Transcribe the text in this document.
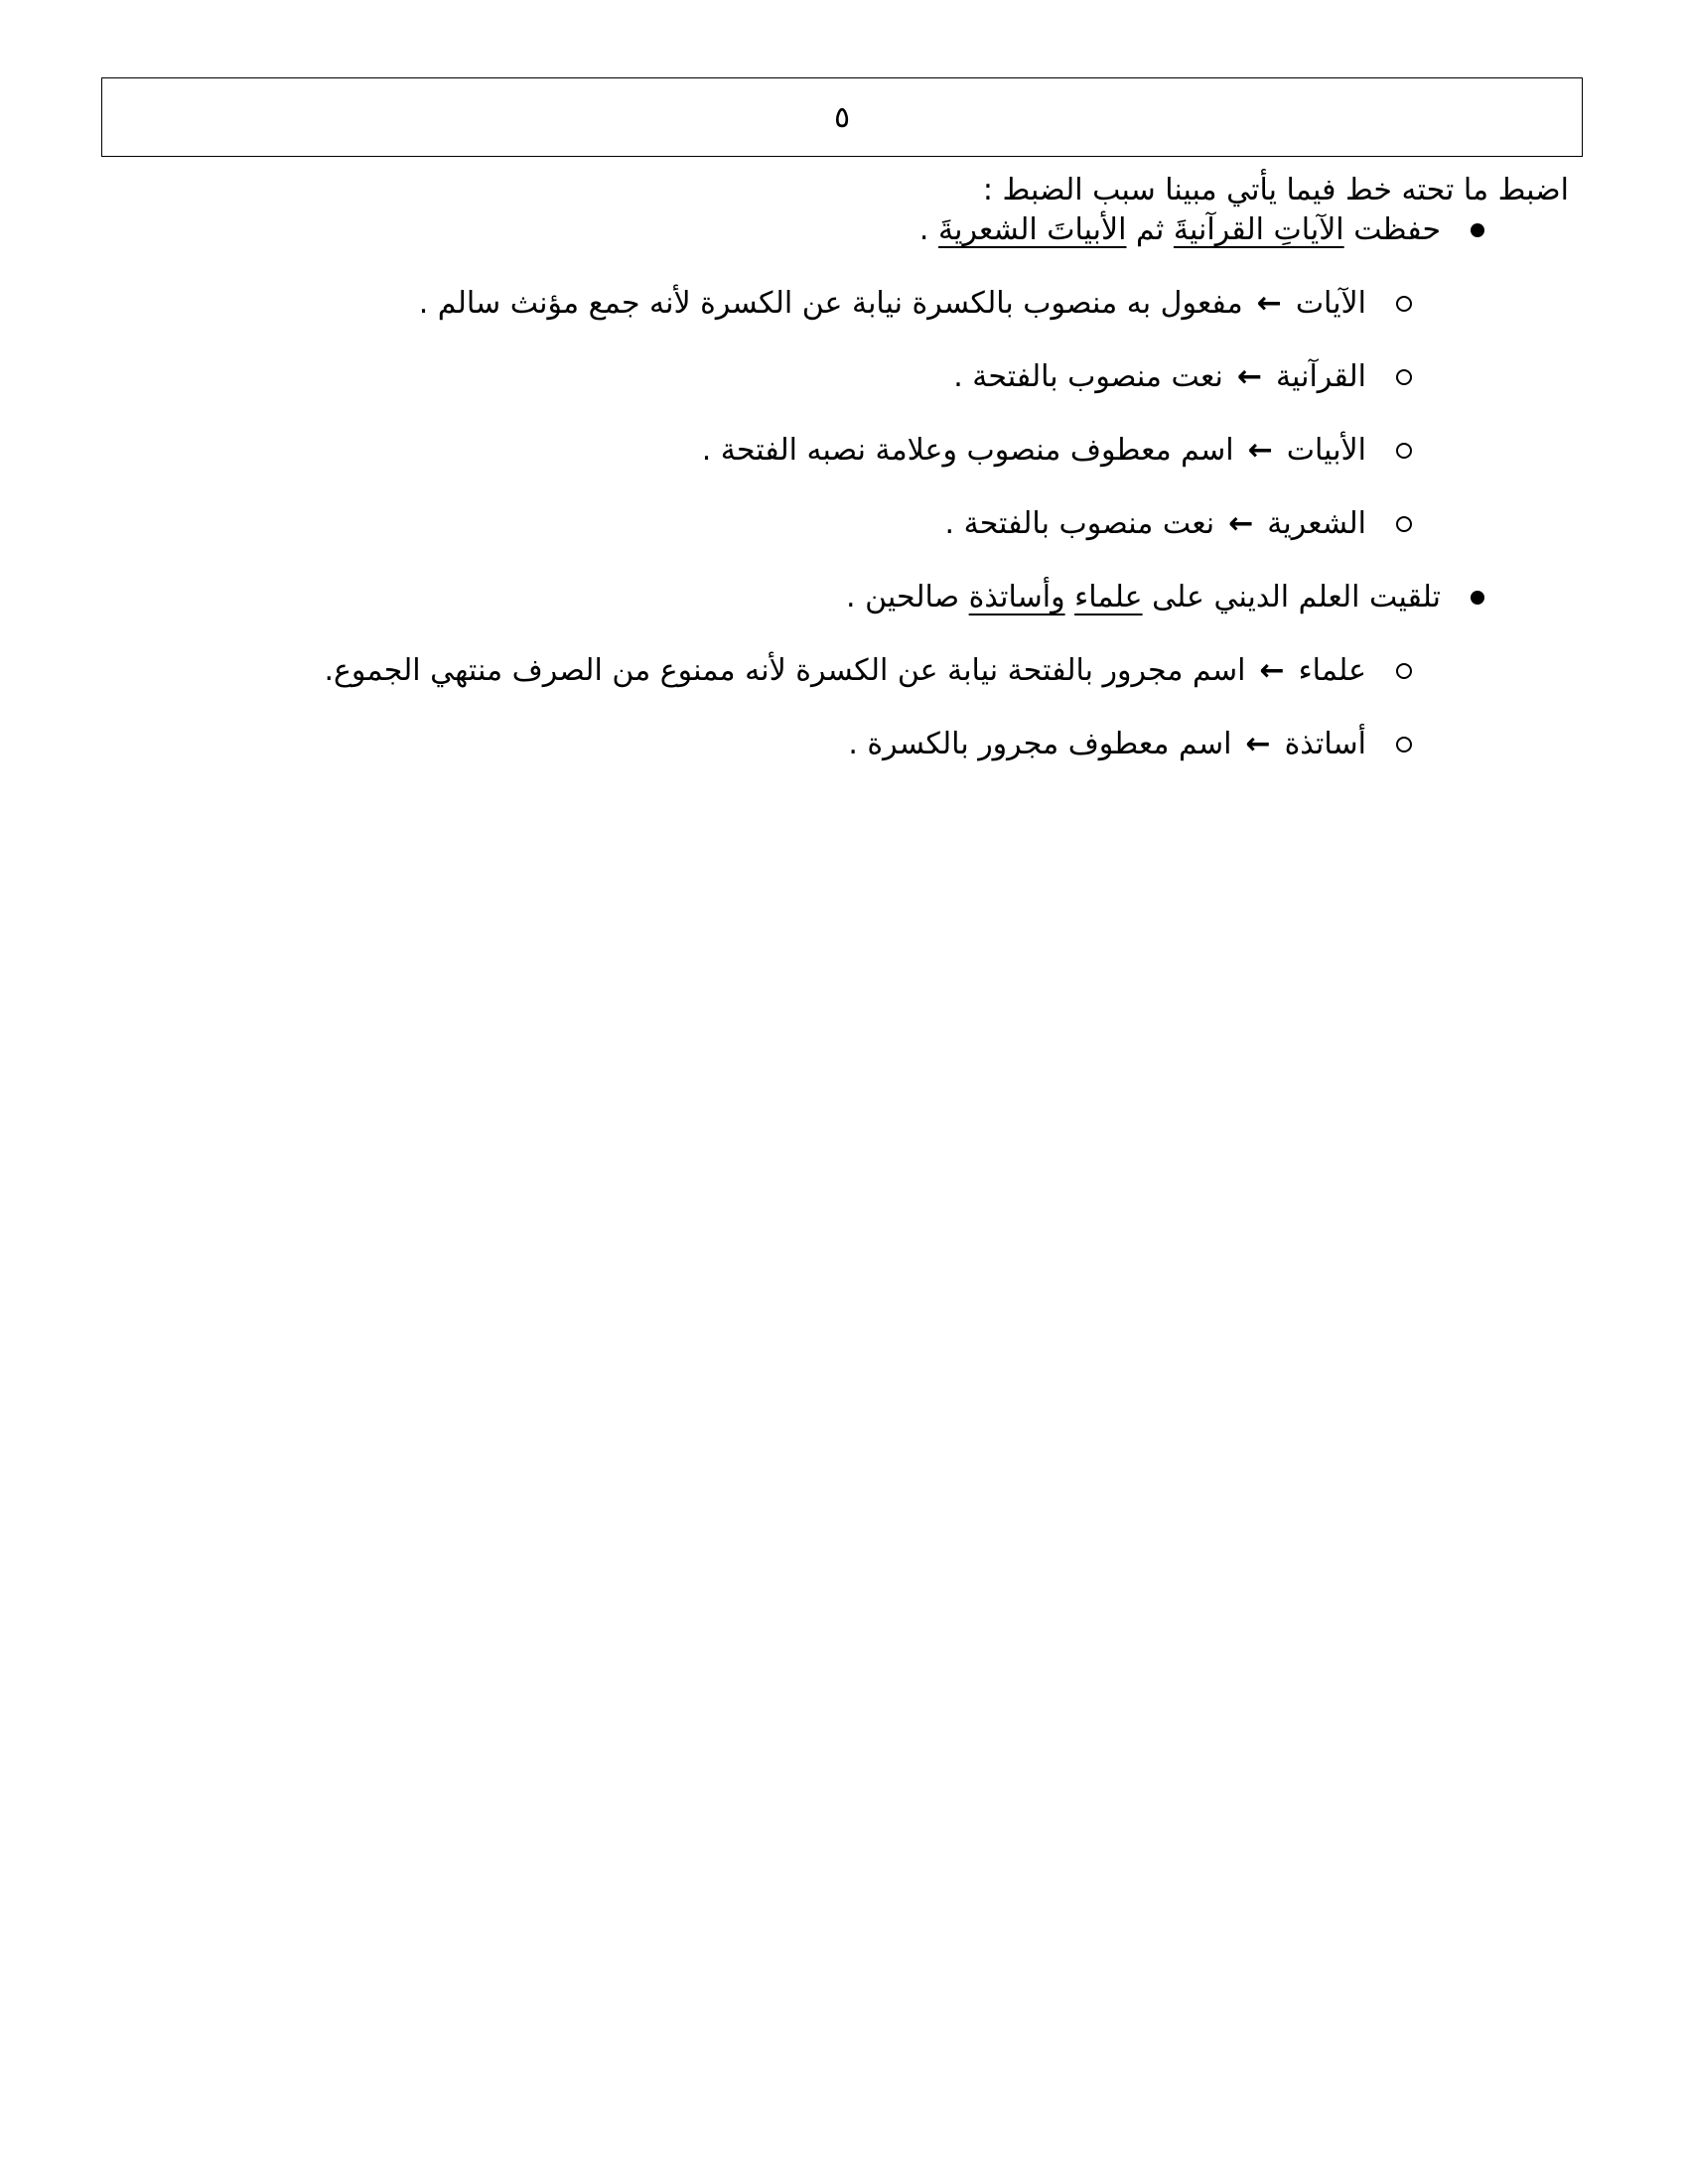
٥
اضبط ما تحته خط فيما يأتي مبينا سبب الضبط :
حفظت

الآياتِ القرآنيةَ

ثم

الأبياتَ الشعريةَ

.
الآيات
←
مفعول به منصوب بالكسرة نيابة عن الكسرة لأنه جمع مؤنث سالم .
القرآنية
←
نعت منصوب بالفتحة .
الأبيات
←
اسم معطوف منصوب وعلامة نصبه الفتحة .
الشعرية
←
نعت منصوب بالفتحة .
تلقيت العلم الديني على

علماء

وأساتذة

صالحين .
علماء
←
اسم مجرور بالفتحة نيابة عن الكسرة لأنه ممنوع من الصرف منتهي الجموع.
أساتذة
←
اسم معطوف مجرور بالكسرة .
